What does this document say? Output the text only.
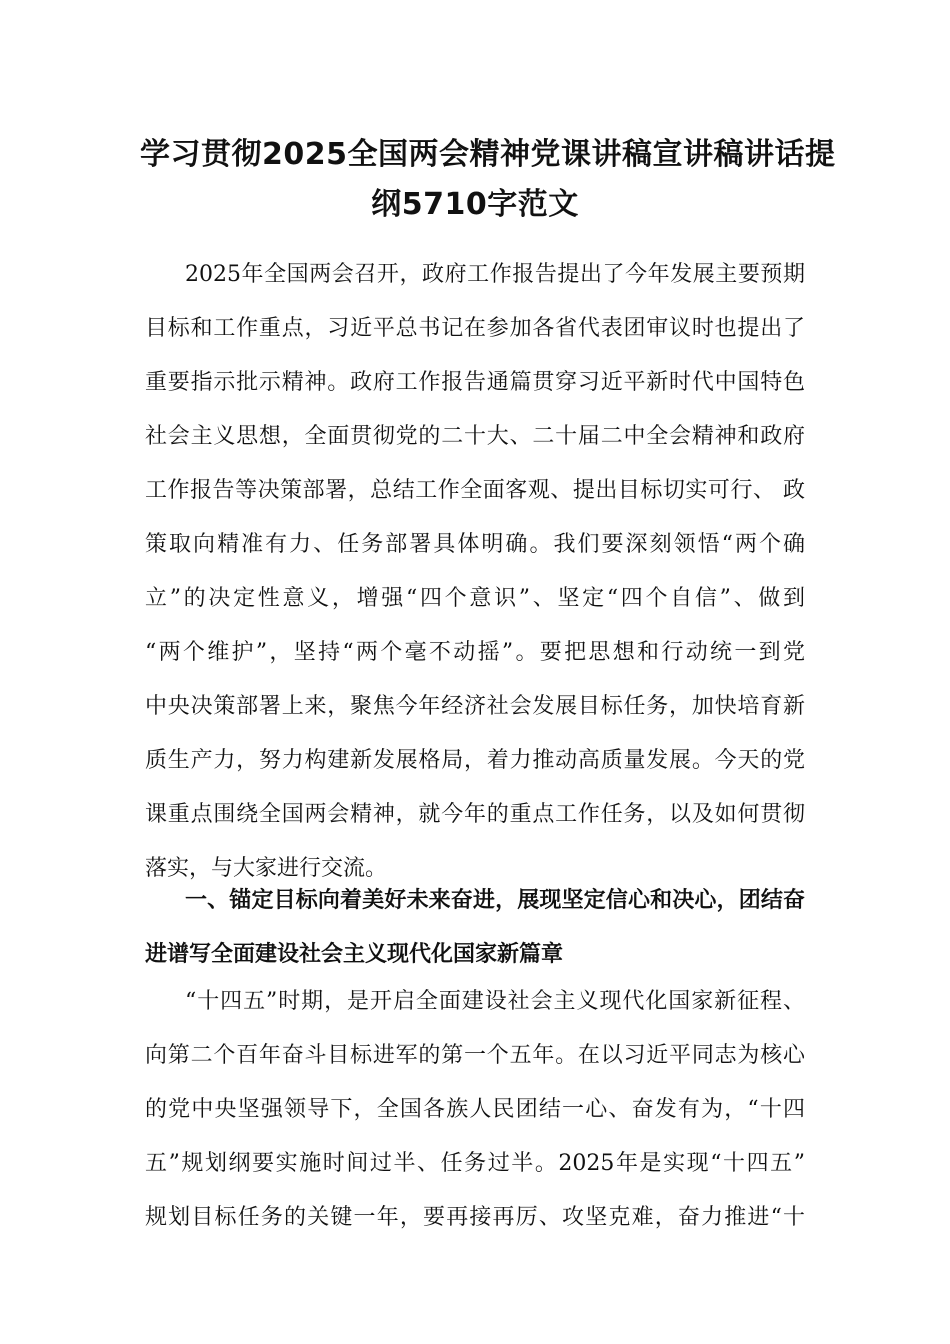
学习贯彻2025全国两会精神党课讲稿宣讲稿讲话提
纲5710字范文
2025年全国两会召开，政府工作报告提出了今年发展主要预期
目标和工作重点，习近平总书记在参加各省代表团审议时也提出了
重要指示批示精神。政府工作报告通篇贯穿习近平新时代中国特色
社会主义思想，全面贯彻党的二十大、二十届二中全会精神和政府
工作报告等决策部署，总结工作全面客观、提出目标切实可行、 政
策取向精准有力、任务部署具体明确。我们要深刻领悟“两个确
立”的决定性意义，增强“四个意识”、坚定“四个自信”、做到
“两个维护”，坚持“两个毫不动摇”。要把思想和行动统一到党
中央决策部署上来，聚焦今年经济社会发展目标任务，加快培育新
质生产力，努力构建新发展格局，着力推动高质量发展。今天的党
课重点围绕全国两会精神，就今年的重点工作任务，以及如何贯彻
落实，与大家进行交流。
一、锚定目标向着美好未来奋进，展现坚定信心和决心，团结奋
进谱写全面建设社会主义现代化国家新篇章
“十四五”时期，是开启全面建设社会主义现代化国家新征程、
向第二个百年奋斗目标进军的第一个五年。在以习近平同志为核心
的党中央坚强领导下，全国各族人民团结一心、奋发有为，“十四
五”规划纲要实施时间过半、任务过半。2025年是实现“十四五”
规划目标任务的关键一年，要再接再厉、攻坚克难，奋力推进“十
